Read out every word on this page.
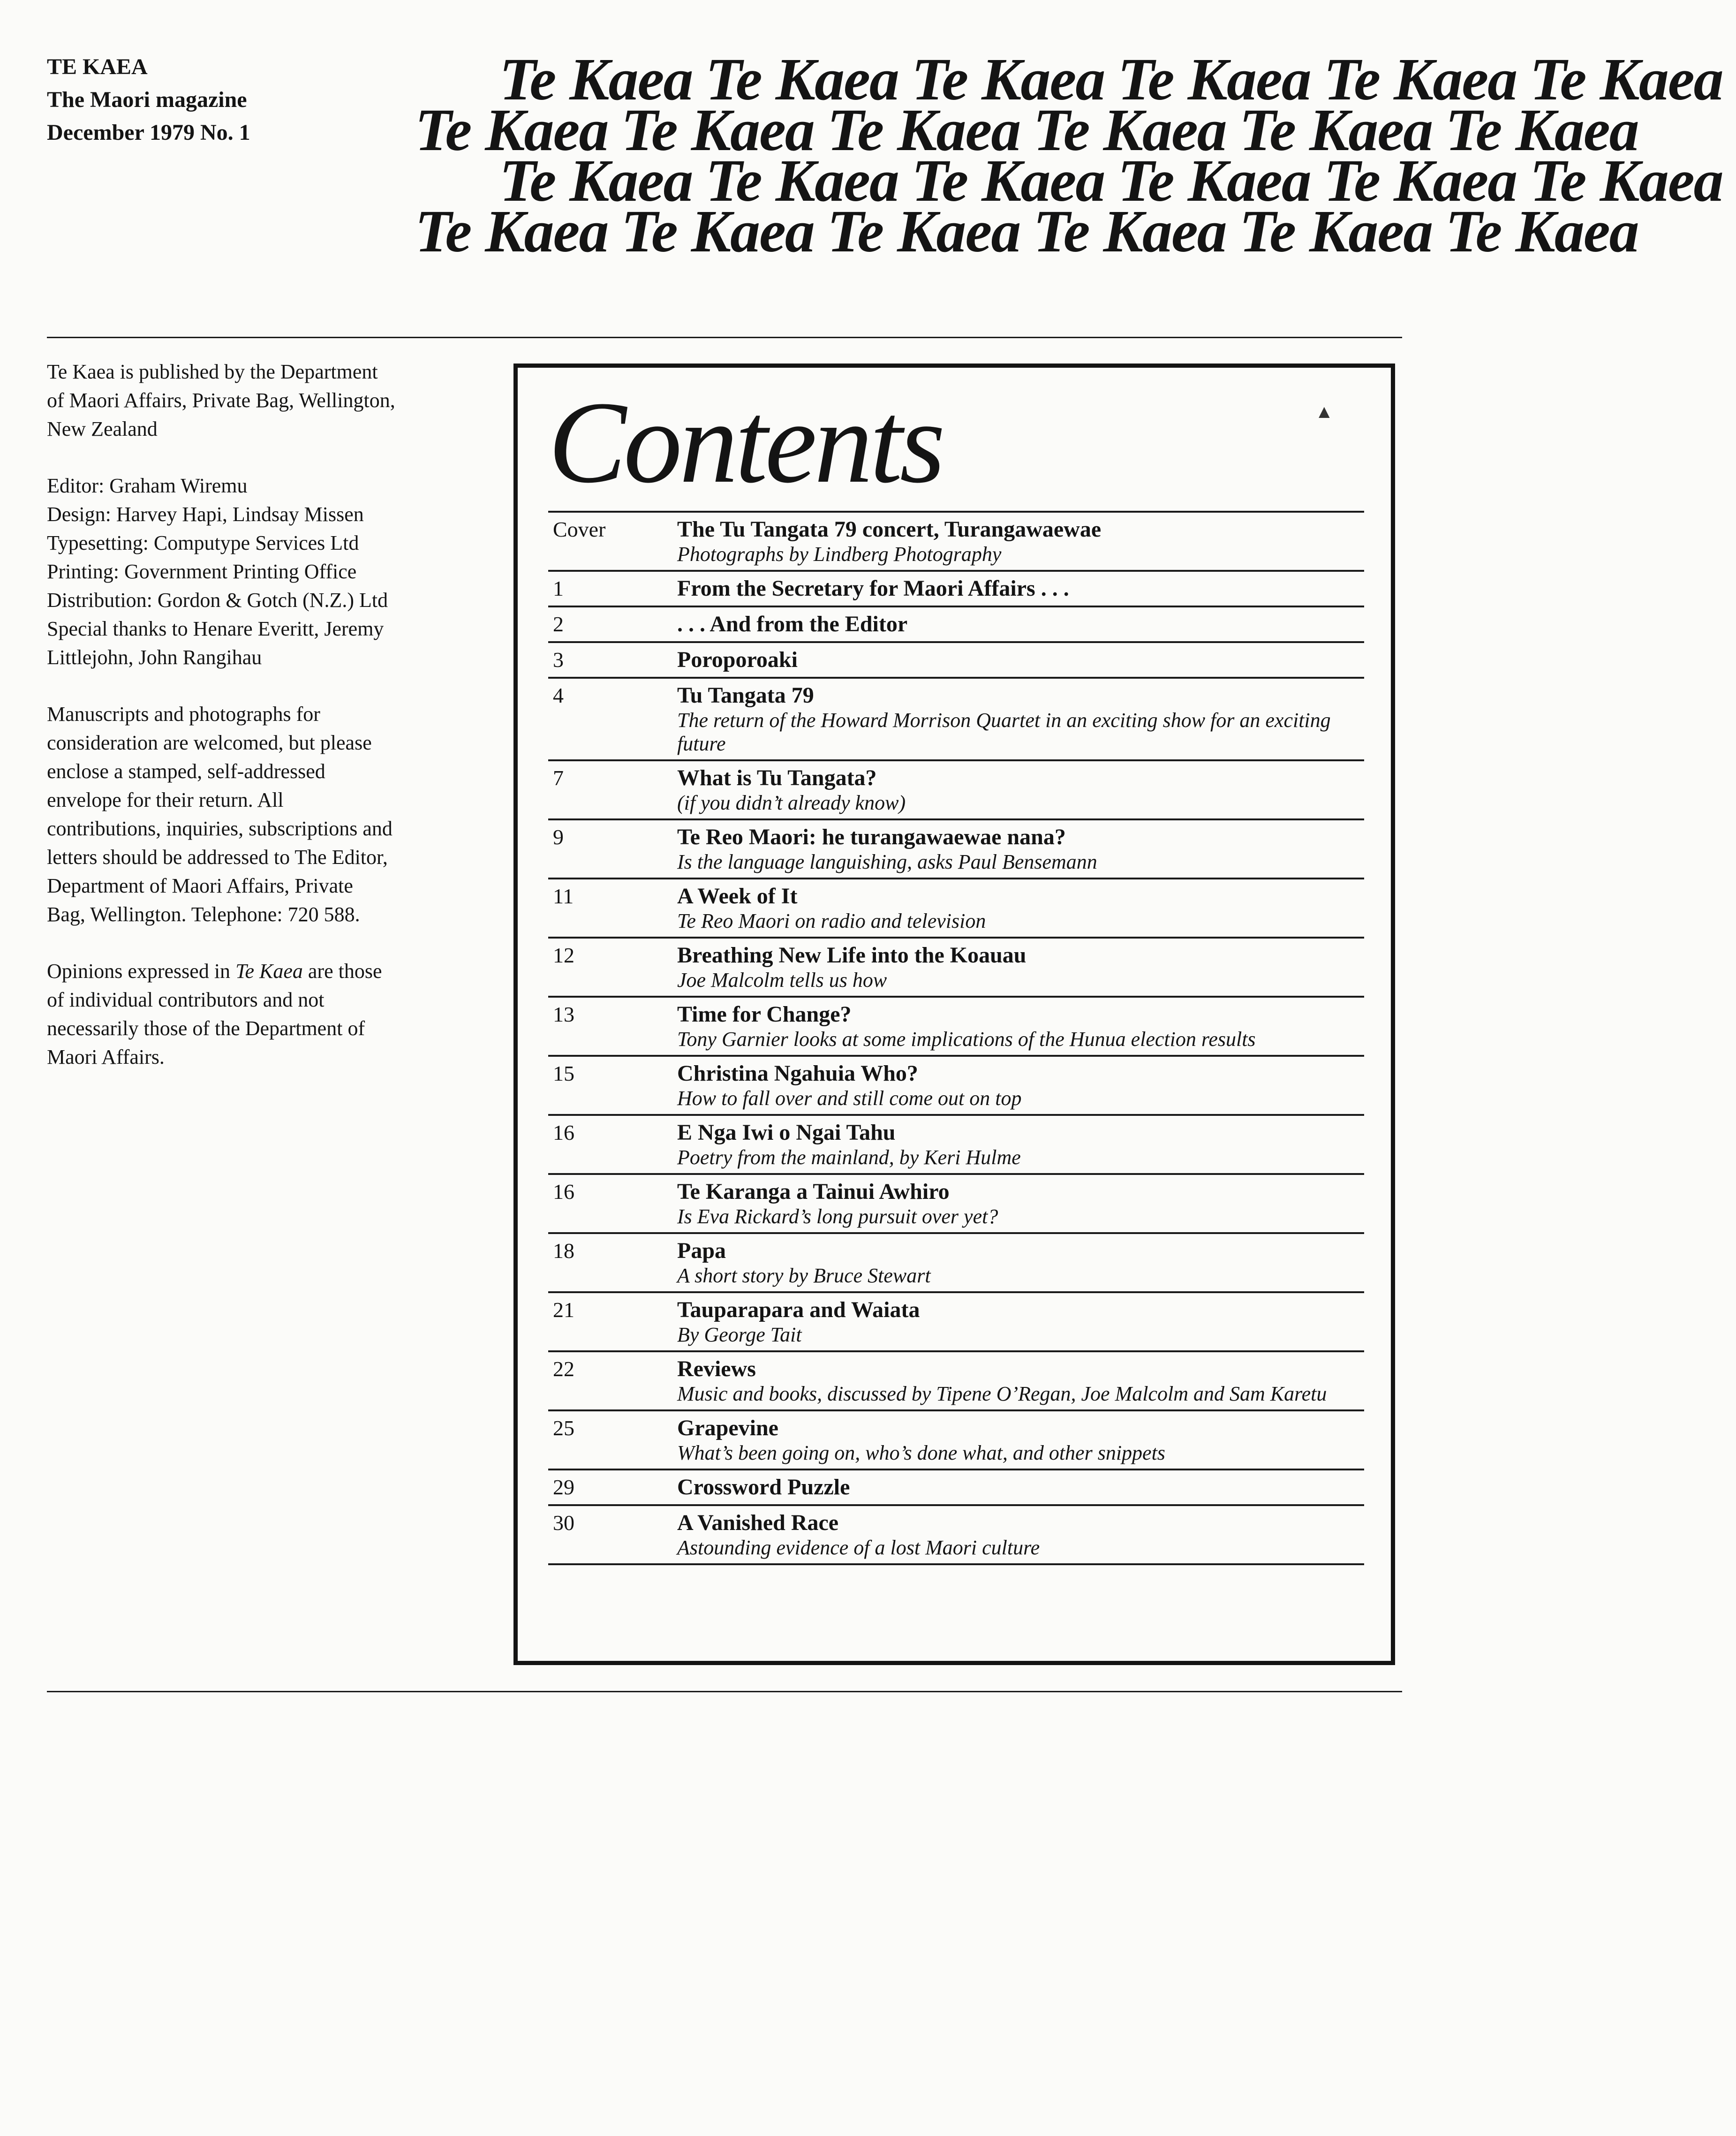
TE KAEA
The Maori magazine
December 1979 No. 1
Te Kaea Te Kaea Te Kaea Te Kaea Te Kaea Te Kaea
Te Kaea Te Kaea Te Kaea Te Kaea Te Kaea Te Kaea
Te Kaea Te Kaea Te Kaea Te Kaea Te Kaea Te Kaea
Te Kaea Te Kaea Te Kaea Te Kaea Te Kaea Te Kaea

Te Kaea is published by the Department
of Maori Affairs, Private Bag, Wellington,
New Zealand

Editor: Graham Wiremu
Design: Harvey Hapi, Lindsay Missen
Typesetting: Computype Services Ltd
Printing: Government Printing Office
Distribution: Gordon & Gotch (N.Z.) Ltd
Special thanks to Henare Everitt, Jeremy
Littlejohn, John Rangihau

Manuscripts and photographs for
consideration are welcomed, but please
enclose a stamped, self-addressed
envelope for their return. All
contributions, inquiries, subscriptions and
letters should be addressed to The Editor,
Department of Maori Affairs, Private
Bag, Wellington. Telephone: 720 588.

Opinions expressed in Te Kaea are those
of individual contributors and not
necessarily those of the Department of
Maori Affairs.

Contents	▲
Cover	The Tu Tangata 79 concert, Turangawaewae
Photographs by Lindberg Photography
1	From the Secretary for Maori Affairs . . .
2	. . . And from the Editor
3	Poroporoaki
4	Tu Tangata 79
The return of the Howard Morrison Quartet in an exciting show for an exciting future
7	What is Tu Tangata?
(if you didn’t already know)
9	Te Reo Maori: he turangawaewae nana?
Is the language languishing, asks Paul Bensemann
11	A Week of It
Te Reo Maori on radio and television
12	Breathing New Life into the Koauau
Joe Malcolm tells us how
13	Time for Change?
Tony Garnier looks at some implications of the Hunua election results
15	Christina Ngahuia Who?
How to fall over and still come out on top
16	E Nga Iwi o Ngai Tahu
Poetry from the mainland, by Keri Hulme
16	Te Karanga a Tainui Awhiro
Is Eva Rickard’s long pursuit over yet?
18	Papa
A short story by Bruce Stewart
21	Tauparapara and Waiata
By George Tait
22	Reviews
Music and books, discussed by Tipene O’Regan, Joe Malcolm and Sam Karetu
25	Grapevine
What’s been going on, who’s done what, and other snippets
29	Crossword Puzzle
30	A Vanished Race
Astounding evidence of a lost Maori culture
